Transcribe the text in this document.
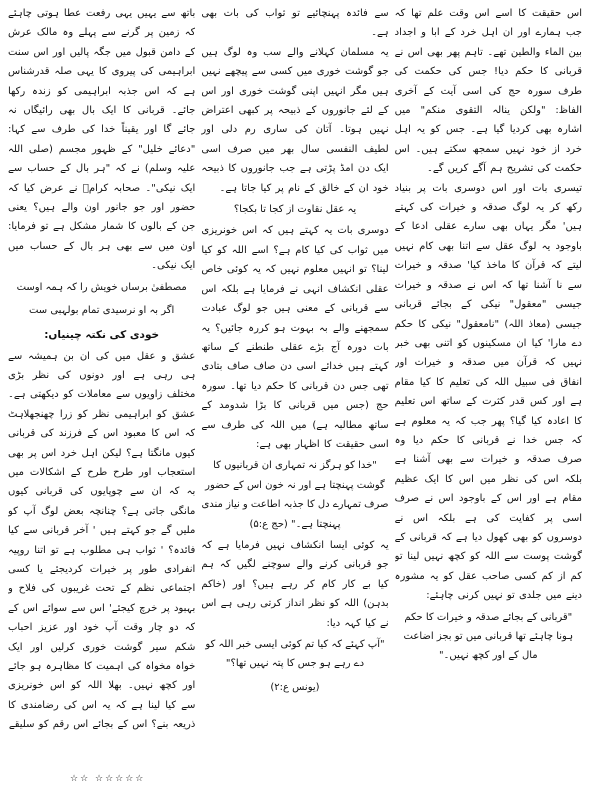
باتھ سے یہیں یہی رفعت عطا ہوتی چاہئے کہ زمین پر گرنے سے پہلے وہ مالک عرش کے دامن قبول میں جگہ پالیں اور اس سنت ابراہیمی کی پیروی کا یہی صلہ قدرشناس ہے کہ اس جذبہ ابراہیمی کو زندہ رکھا جائے۔ قربانی کا ایک بال بھی رائیگاں نہ جائے گا اور یقیناً خدا کی طرف سے کہا: "دعائے خلیل" کے ظہور مجسم (صلی اللہ علیہ وسلم) نے کہ "ہر بال کے حساب سے ایک نیکی"۔ صحابہ کرامؓ نے عرض کیا کہ حضور اور جو جانور اون والے ہیں؟ یعنی جن کے بالوں کا شمار مشکل ہے تو فرمایا: اون میں سے بھی ہر بال کے حساب میں ایک نیکی۔

مصطفیٰ برساں خویش را کہ ہمہ اوست

اگر بہ او نرسیدی تمام بولہبی ست

خودی کی نکتہ چینیاں:

عشق و عقل میں کی ان بن ہمیشہ سے ہی رہی ہے اور دونوں کی نظر بڑی مختلف زاویوں سے معاملات کو دیکھتی ہے۔ عشق کو ابراہیمی نظر کو زرا چھنجھلاہٹ کہ اس کا معبود اس کے فرزند کی قربانی کیوں مانگتا ہے؟ لیکن اہل خرد اس پر بھی استعجاب اور طرح طرح کے اشکالات میں بہ کہ ان سے چوپایوں کی قربانی کیوں مانگی جاتی ہے؟ چنانچہ بعض لوگ آپ کو ملیں گے جو کہتے ہیں ' آخر قربانی سے کیا فائدہ؟ ' ثواب ہی مطلوب ہے تو اتنا روپیہ انفرادی طور پر خیرات کردیجئے یا کسی اجتماعی نظم کے تحت غریبوں کی فلاح و بہبود پر خرچ کیجئے' اس سے سوائے اس کے کہ دو چار وقت آپ خود اور عزیز احباب شکم سیر گوشت خوری کرلیں اور ایک خواہ مخواہ کی اہمیت کا مظاہرہ ہو جائے اور کچھ نہیں۔ بھلا اللہ کو اس خونریزی سے کیا لینا ہے کہ یہ اس کی رضامندی کا ذریعہ بنے؟ اس کے بجائے اس رقم کو سلیقے

سے فائدہ پہنچائیے تو ثواب کی بات بھی ہے۔

یہ مسلمان کہلانے والے سب وہ لوگ ہیں جو گوشت خوری میں کسی سے پیچھے نہیں ہیں مگر انہیں اپنی گوشت خوری اور اس کے لئے جانوروں کے ذبیحہ پر کبھی اعتراض نہیں ہوتا۔ آتان کی ساری رم دلی اور لطیف النفسی سال بھر میں صرف اسی ایک دن امڈ پڑتی ہے جب جانوروں کا ذبیحہ خود ان کے خالق کے نام پر کیا جاتا ہے۔

یہ عقل نقاوت از کجا تا بکجا؟

دوسری بات یہ کہتے ہیں کہ اس خونریزی میں ثواب کی کیا کام ہے؟ اسے اللہ کو کیا لینا؟ تو انہیں معلوم نہیں کہ یہ کوئی خاص عقلی انکشاف انہی نے فرمایا ہے بلکہ اس سے قربانی کے معنی ہیں جو لوگ عبادت سمجھنے والے بہ بہوت ہو کررہ جائیں؟ یہ بات دورہ آج بڑے عقلی طنطنے کے ساتھ کہتے ہیں خدائے اسی دن صاف صاف بتادی تھی جس دن قربانی کا حکم دیا تھا۔ سورہ حج (جس میں قربانی کا بڑا شدومد کے ساتھ مطالبہ ہے) میں اللہ کی طرف سے اسی حقیقت کا اظہار بھی ہے:

"خدا کو ہرگز نہ تمہاری ان قربانیوں کا گوشت پہنچتا ہے اور نہ خون اس کے حضور صرف تمہارے دل کا جذبہ اطاعت و نیاز مندی پہنچتا ہے۔" (حج ع:۵)

یہ کوئی ایسا انکشاف نہیں فرمایا ہے کہ جو قربانی کرنے والے سوچنے لگیں کہ ہم کیا بے کار کام کر رہے ہیں؟ اور (خاکم بدہن) اللہ کو نظر انداز کرتی رہی ہے اس نے کیا کہہ دیا:

"آپ کہئے کہ کیا تم کوئی ایسی خبر اللہ کو دے رہے ہو جس کا پتہ نہیں تھا؟"

(یونس ع:۲)

اس حقیقت کا اسے اس وقت علم تھا کہ جب ہمارے اور ان اہل خرد کے ابا و اجداد بین الماء والطین تھے۔ تاہم پھر بھی اس نے قربانی کا حکم دیا! جس کی حکمت کی طرف سورہ حج کی اسی آیت کے آخری الفاظ: "ولکن ینالہ التقوی منکم" میں اشارہ بھی کردیا گیا ہے۔ جس کو یہ اہل خرد از خود نہیں سمجھ سکتے ہیں۔ اس حکمت کی تشریح ہم آگے کریں گے۔

تیسری بات اور اس دوسری بات پر بنیاد رکھ کر یہ لوگ صدقہ و خیرات کی کہتے ہیں' مگر یہاں بھی سارے عقلی ادعا کے باوجود یہ لوگ عقل سے اتنا بھی کام نہیں لیتے کہ قرآن کا ماخذ کیا' صدقہ و خیرات سے نا آشنا تھا کہ اس نے صدقہ و خیرات جیسی "معقول" نیکی کے بجائے قربانی جیسی (معاذ اللہ) "نامعقول" نیکی کا حکم دے مارا' کیا ان مسکینوں کو اتنی بھی خبر نہیں کہ قرآن میں صدقہ و خیرات اور انفاق فی سبیل اللہ کی تعلیم کا کیا مقام ہے اور کس قدر کثرت کے ساتھ اس تعلیم کا اعادہ کیا گیا؟ پھر جب کہ یہ معلوم ہے کہ جس خدا نے قربانی کا حکم دیا وہ صرف صدقہ و خیرات سے بھی آشنا ہے بلکہ اس کی نظر میں اس کا ایک عظیم مقام ہے اور اس کے باوجود اس نے صرف اسی پر کفایت کی ہے بلکہ اس نے دوسروں کو بھی کھول دیا ہے کہ قربانی کے گوشت پوست سے اللہ کو کچھ نہیں لینا تو کم از کم کسی صاحب عقل کو یہ مشورہ دینے میں جلدی تو نہیں کرنی چاہئے:

"قربانی کے بجائے صدقہ و خیرات کا حکم ہونا چاہئے تھا قربانی میں تو بجز اضاعت مال کے اور کچھ نہیں۔"

☆☆ ☆☆☆☆☆
